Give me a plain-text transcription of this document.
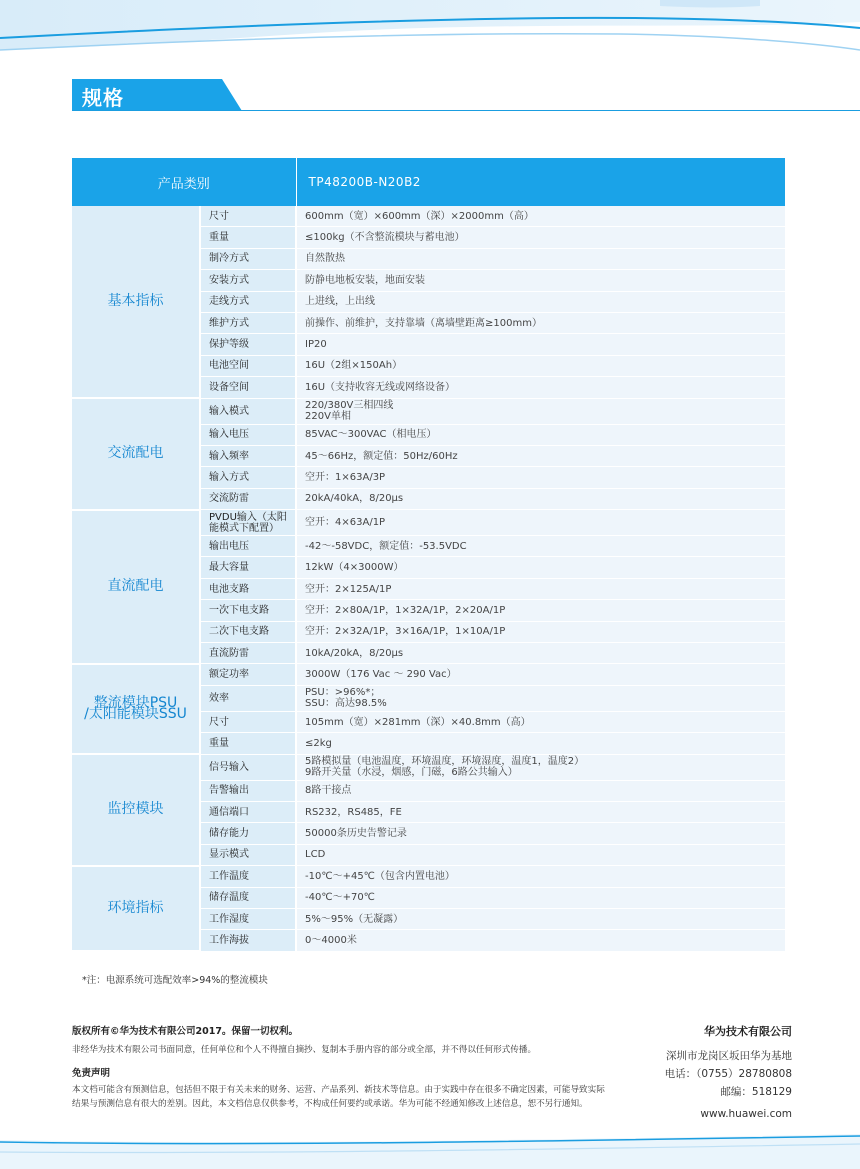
规格
产品类别		TP48200B-N20B2
基本指标	尺寸	600mm（宽）×600mm（深）×2000mm（高）
	重量	≤100kg（不含整流模块与蓄电池）
	制冷方式	自然散热
	安装方式	防静电地板安装，地面安装
	走线方式	上进线，上出线
	维护方式	前操作、前维护，支持靠墙（离墙壁距离≥100mm）
	保护等级	IP20
	电池空间	16U（2组×150Ah）
	设备空间	16U（支持收容无线或网络设备）
交流配电	输入模式	220/380V三相四线
220V单相
	输入电压	85VAC～300VAC（相电压）
	输入频率	45～66Hz，额定值：50Hz/60Hz
	输入方式	空开：1×63A/3P
	交流防雷	20kA/40kA，8/20μs
直流配电	PVDU输入（太阳
能模式下配置）	空开：4×63A/1P
	输出电压	-42～-58VDC，额定值：-53.5VDC
	最大容量	12kW（4×3000W）
	电池支路	空开：2×125A/1P
	一次下电支路	空开：2×80A/1P，1×32A/1P，2×20A/1P
	二次下电支路	空开：2×32A/1P，3×16A/1P，1×10A/1P
	直流防雷	10kA/20kA，8/20μs
整流模块PSU
/太阳能模块SSU	额定功率	3000W（176 Vac ～ 290 Vac）
	效率	PSU：>96%*；
SSU：高达98.5%
	尺寸	105mm（宽）×281mm（深）×40.8mm（高）
	重量	≤2kg
监控模块	信号输入	5路模拟量（电池温度，环境温度，环境湿度，温度1，温度2）
9路开关量（水浸，烟感，门磁，6路公共输入）
	告警输出	8路干接点
	通信端口	RS232，RS485，FE
	储存能力	50000条历史告警记录
	显示模式	LCD
环境指标	工作温度	-10℃～+45℃（包含内置电池）
	储存温度	-40℃～+70℃
	工作湿度	5%～95%（无凝露）
	工作海拔	0～4000米
*注：电源系统可选配效率>94%的整流模块
版权所有©华为技术有限公司2017。保留一切权利。
非经华为技术有限公司书面同意，任何单位和个人不得擅自摘抄、复制本手册内容的部分或全部，并不得以任何形式传播。
免责声明
本文档可能含有预测信息，包括但不限于有关未来的财务、运营、产品系列、新技术等信息。由于实践中存在很多不确定因素，可能导致实际结果与预测信息有很大的差别。因此，本文档信息仅供参考，不构成任何要约或承诺。华为可能不经通知修改上述信息，恕不另行通知。
华为技术有限公司
深圳市龙岗区坂田华为基地
电话：（0755）28780808
邮编：518129
www.huawei.com
